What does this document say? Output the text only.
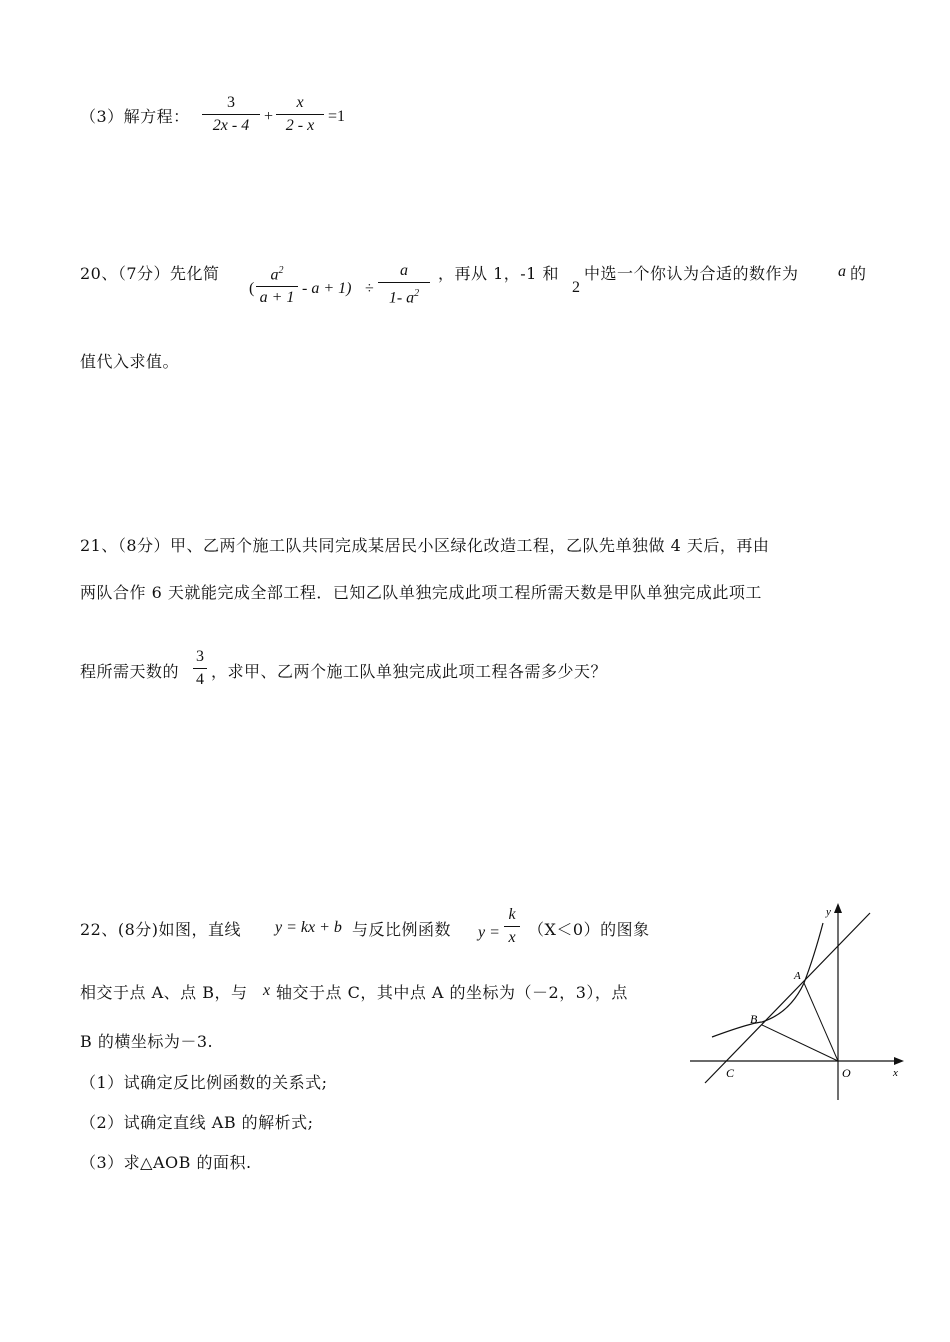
（3）解方程：
3
2x - 4
+
x
2 - x
=1
20、（7分）先化简
(
$a^2$
a + 1
- a + 1) ÷
a
1- $a^2$
，再从 1，-1 和
2
中选一个你认为合适的数作为 a 的
值代入求值。
21、（8分）甲、乙两个施工队共同完成某居民小区绿化改造工程，乙队先单独做 4 天后，再由
两队合作 6 天就能完成全部工程．已知乙队单独完成此项工程所需天数是甲队单独完成此项工
程所需天数的
3
4 ，求甲、乙两个施工队单独完成此项工程各需多少天？
22、(8分)如图，直线 y = kx + b 与反比例函数 y =
k
x （X＜0）的图象
相交于点 A、点 B，与 x 轴交于点 C，其中点 A 的坐标为（－2，3），点
B 的横坐标为－3.
（1）试确定反比例函数的关系式;
（2）试确定直线 AB 的解析式;
（3）求△AOB 的面积.
y
x
O
A
B
C
